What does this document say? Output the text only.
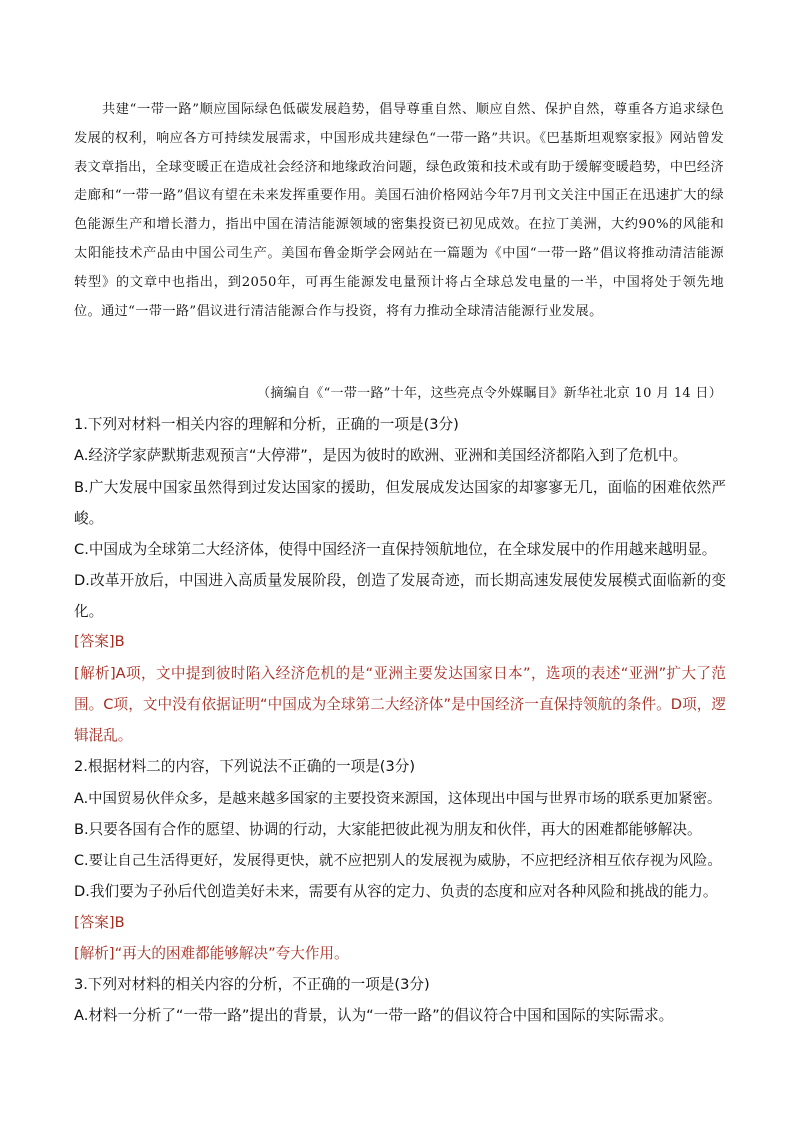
共建“一带一路”顺应国际绿色低碳发展趋势，倡导尊重自然、顺应自然、保护自然，尊重各方追求绿色发展的权利，响应各方可持续发展需求，中国形成共建绿色“一带一路”共识。《巴基斯坦观察家报》网站曾发表文章指出，全球变暖正在造成社会经济和地缘政治问题，绿色政策和技术或有助于缓解变暖趋势，中巴经济走廊和“一带一路”倡议有望在未来发挥重要作用。美国石油价格网站今年7月刊文关注中国正在迅速扩大的绿色能源生产和增长潜力，指出中国在清洁能源领域的密集投资已初见成效。在拉丁美洲，大约90%的风能和太阳能技术产品由中国公司生产。美国布鲁金斯学会网站在一篇题为《中国“一带一路”倡议将推动清洁能源转型》的文章中也指出，到2050年，可再生能源发电量预计将占全球总发电量的一半，中国将处于领先地位。通过“一带一路”倡议进行清洁能源合作与投资，将有力推动全球清洁能源行业发展。

（摘编自《“一带一路”十年，这些亮点令外媒瞩目》新华社北京 10 月 14 日）

1.下列对材料一相关内容的理解和分析，正确的一项是(3分)

A.经济学家萨默斯悲观预言“大停滞”，是因为彼时的欧洲、亚洲和美国经济都陷入到了危机中。

B.广大发展中国家虽然得到过发达国家的援助，但发展成发达国家的却寥寥无几，面临的困难依然严峻。

C.中国成为全球第二大经济体，使得中国经济一直保持领航地位，在全球发展中的作用越来越明显。

D.改革开放后，中国进入高质量发展阶段，创造了发展奇迹，而长期高速发展使发展模式面临新的变化。

[答案]B

[解析]A项，文中提到彼时陷入经济危机的是“亚洲主要发达国家日本”，选项的表述“亚洲”扩大了范围。C项，文中没有依据证明“中国成为全球第二大经济体”是中国经济一直保持领航的条件。D项，逻辑混乱。

2.根据材料二的内容，下列说法不正确的一项是(3分)

A.中国贸易伙伴众多，是越来越多国家的主要投资来源国，这体现出中国与世界市场的联系更加紧密。

B.只要各国有合作的愿望、协调的行动，大家能把彼此视为朋友和伙伴，再大的困难都能够解决。

C.要让自己生活得更好，发展得更快，就不应把别人的发展视为威胁，不应把经济相互依存视为风险。

D.我们要为子孙后代创造美好未来，需要有从容的定力、负责的态度和应对各种风险和挑战的能力。

[答案]B

[解析]“再大的困难都能够解决”夸大作用。

3.下列对材料的相关内容的分析，不正确的一项是(3分)

A.材料一分析了“一带一路”提出的背景，认为“一带一路”的倡议符合中国和国际的实际需求。
